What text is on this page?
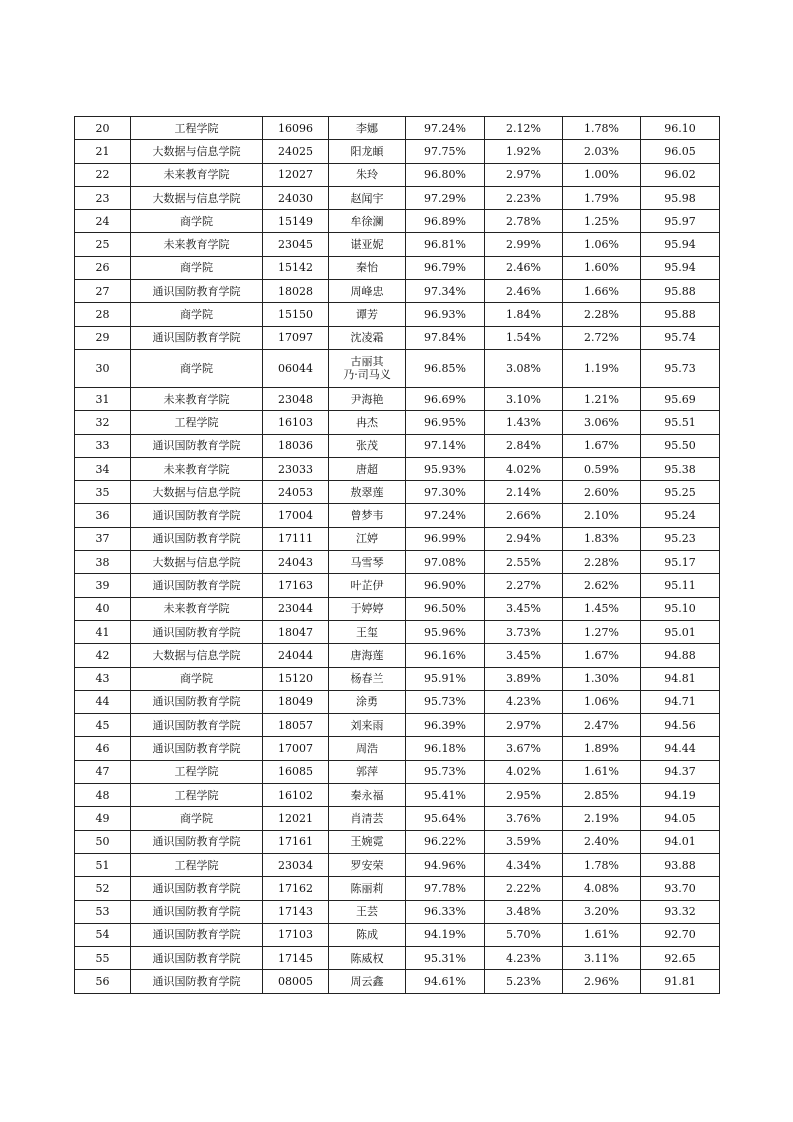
20	工程学院	16096	李娜	97.24%	2.12%	1.78%	96.10
21	大数据与信息学院	24025	阳龙頔	97.75%	1.92%	2.03%	96.05
22	未来教育学院	12027	朱玲	96.80%	2.97%	1.00%	96.02
23	大数据与信息学院	24030	赵闻宇	97.29%	2.23%	1.79%	95.98
24	商学院	15149	牟徐澜	96.89%	2.78%	1.25%	95.97
25	未来教育学院	23045	谌亚妮	96.81%	2.99%	1.06%	95.94
26	商学院	15142	秦怡	96.79%	2.46%	1.60%	95.94
27	通识国防教育学院	18028	周峰忠	97.34%	2.46%	1.66%	95.88
28	商学院	15150	谭芳	96.93%	1.84%	2.28%	95.88
29	通识国防教育学院	17097	沈凌霜	97.84%	1.54%	2.72%	95.74
30	商学院	06044	古丽其
乃·司马义	96.85%	3.08%	1.19%	95.73
31	未来教育学院	23048	尹海艳	96.69%	3.10%	1.21%	95.69
32	工程学院	16103	冉杰	96.95%	1.43%	3.06%	95.51
33	通识国防教育学院	18036	张茂	97.14%	2.84%	1.67%	95.50
34	未来教育学院	23033	唐超	95.93%	4.02%	0.59%	95.38
35	大数据与信息学院	24053	敖翠莲	97.30%	2.14%	2.60%	95.25
36	通识国防教育学院	17004	曾梦韦	97.24%	2.66%	2.10%	95.24
37	通识国防教育学院	17111	江婷	96.99%	2.94%	1.83%	95.23
38	大数据与信息学院	24043	马雪琴	97.08%	2.55%	2.28%	95.17
39	通识国防教育学院	17163	叶芷伊	96.90%	2.27%	2.62%	95.11
40	未来教育学院	23044	于婷婷	96.50%	3.45%	1.45%	95.10
41	通识国防教育学院	18047	王玺	95.96%	3.73%	1.27%	95.01
42	大数据与信息学院	24044	唐海莲	96.16%	3.45%	1.67%	94.88
43	商学院	15120	杨春兰	95.91%	3.89%	1.30%	94.81
44	通识国防教育学院	18049	涂勇	95.73%	4.23%	1.06%	94.71
45	通识国防教育学院	18057	刘来雨	96.39%	2.97%	2.47%	94.56
46	通识国防教育学院	17007	周浩	96.18%	3.67%	1.89%	94.44
47	工程学院	16085	郭萍	95.73%	4.02%	1.61%	94.37
48	工程学院	16102	秦永福	95.41%	2.95%	2.85%	94.19
49	商学院	12021	肖清芸	95.64%	3.76%	2.19%	94.05
50	通识国防教育学院	17161	王婉霓	96.22%	3.59%	2.40%	94.01
51	工程学院	23034	罗安荣	94.96%	4.34%	1.78%	93.88
52	通识国防教育学院	17162	陈丽莉	97.78%	2.22%	4.08%	93.70
53	通识国防教育学院	17143	王芸	96.33%	3.48%	3.20%	93.32
54	通识国防教育学院	17103	陈成	94.19%	5.70%	1.61%	92.70
55	通识国防教育学院	17145	陈威权	95.31%	4.23%	3.11%	92.65
56	通识国防教育学院	08005	周云鑫	94.61%	5.23%	2.96%	91.81
